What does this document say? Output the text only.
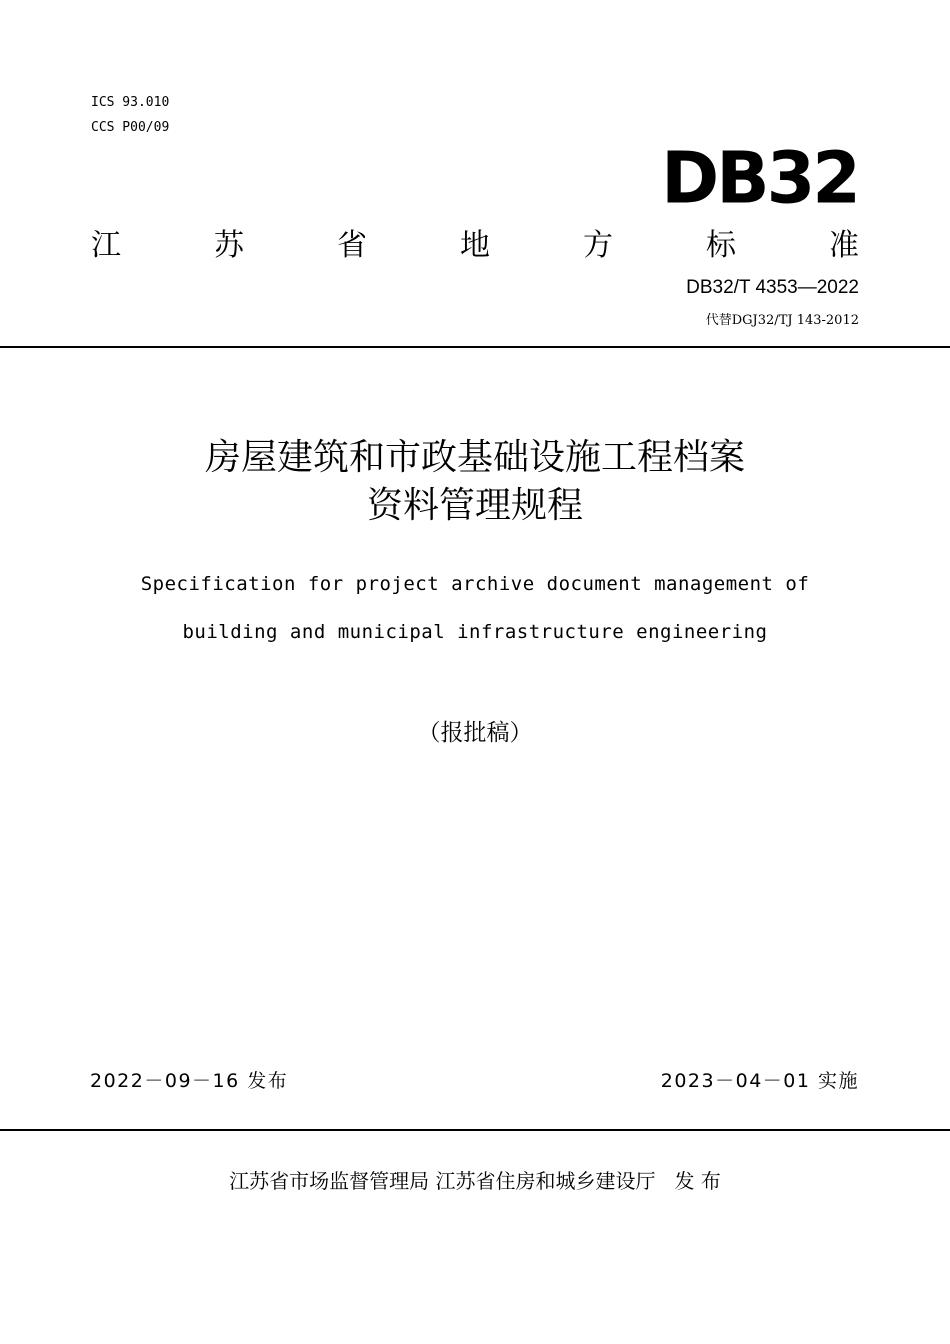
ICS 93.010
CCS P00/09
DB32
江	苏	省	地	方	标	准
DB32/T 4353—2022
代替DGJ32/TJ 143-2012
房屋建筑和市政基础设施工程档案
资料管理规程
Specification for project archive document management of
building and municipal infrastructure engineering
（报批稿）
2022－09－16 发布	2023－04－01 实施
江苏省市场监督管理局 江苏省住房和城乡建设厅   发 布
